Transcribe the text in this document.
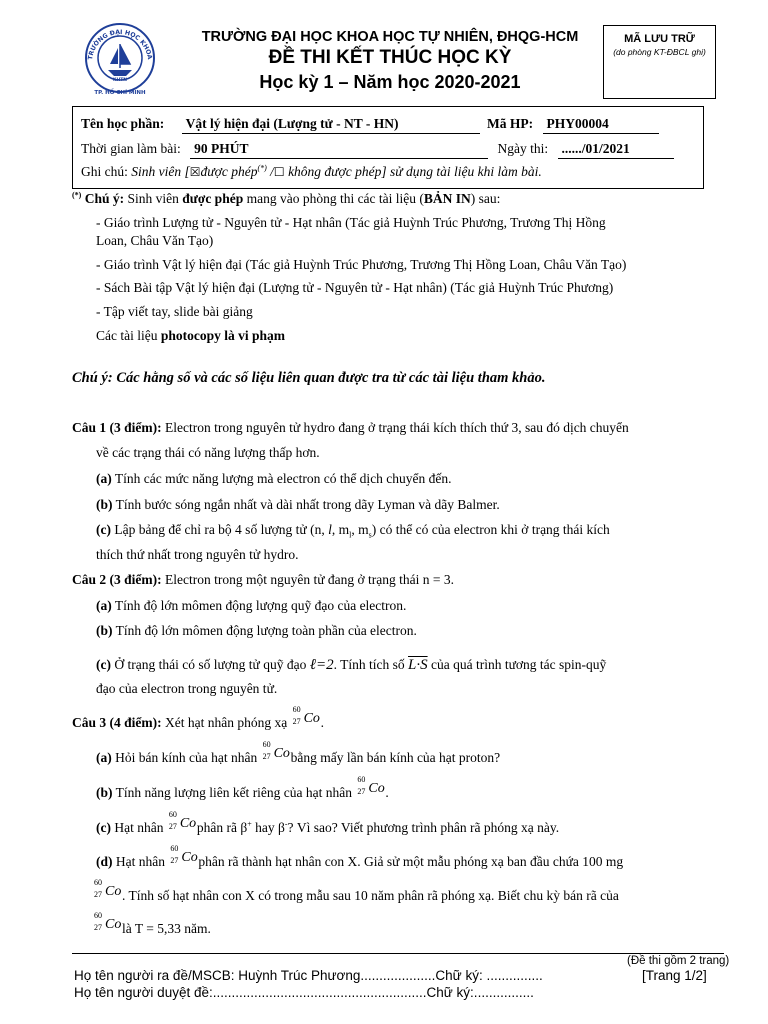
TRƯỜNG ĐẠI HỌC KHOA
TP. HỒ CHÍ MINH
KHTN
TRƯỜNG ĐẠI HỌC KHOA HỌC TỰ NHIÊN, ĐHQG-HCM
ĐỀ THI KẾT THÚC HỌC KỲ
Học kỳ 1 – Năm học 2020-2021
MÃ LƯU TRỮ
(do phòng KT-ĐBCL ghi)
Tên học phần: Vật lý hiện đại (Lượng tử - NT - HN)	Mã HP: PHY00004
Thời gian làm bài: 90 PHÚT	Ngày thi: ....../01/2021
Ghi chú: Sinh viên [☒được phép(*) /☐ không được phép] sử dụng tài liệu khi làm bài.
(*) Chú ý: Sinh viên được phép mang vào phòng thi các tài liệu (BẢN IN) sau:
- Giáo trình Lượng tử - Nguyên tử - Hạt nhân (Tác giả Huỳnh Trúc Phương, Trương Thị Hồng
Loan, Châu Văn Tạo)
- Giáo trình Vật lý hiện đại (Tác giả Huỳnh Trúc Phương, Trương Thị Hồng Loan, Châu Văn Tạo)
- Sách Bài tập Vật lý hiện đại (Lượng tử - Nguyên tử - Hạt nhân) (Tác giả Huỳnh Trúc Phương)
- Tập viết tay, slide bài giảng
Các tài liệu photocopy là vi phạm
Chú ý: Các hằng số và các số liệu liên quan được tra từ các tài liệu tham khảo.
Câu 1 (3 điểm): Electron trong nguyên tử hydro đang ở trạng thái kích thích thứ 3, sau đó dịch chuyển
về các trạng thái có năng lượng thấp hơn.
(a) Tính các mức năng lượng mà electron có thể dịch chuyển đến.
(b) Tính bước sóng ngắn nhất và dài nhất trong dãy Lyman và dãy Balmer.
(c) Lập bảng để chỉ ra bộ 4 số lượng tử (n, l, $m_l$, $m_s$) có thể có của electron khi ở trạng thái kích
thích thứ nhất trong nguyên tử hydro.
Câu 2 (3 điểm): Electron trong một nguyên tử đang ở trạng thái n = 3.
(a) Tính độ lớn mômen động lượng quỹ đạo của electron.
(b) Tính độ lớn mômen động lượng toàn phần của electron.
(c) Ở trạng thái có số lượng tử quỹ đạo ℓ=2. Tính tích số L·S của quá trình tương tác spin-quỹ
đạo của electron trong nguyên tử.
Câu 3 (4 điểm): Xét hạt nhân phóng xạ
60
27 Co .
(a) Hỏi bán kính của hạt nhân
60
27 Co bằng mấy lần bán kính của hạt proton?
(b) Tính năng lượng liên kết riêng của hạt nhân
60
27 Co .
(c) Hạt nhân
60
27 Co phân rã β+ hay β-? Vì sao? Viết phương trình phân rã phóng xạ này.
(d) Hạt nhân
60
27 Co phân rã thành hạt nhân con X. Giả sử một mẫu phóng xạ ban đầu chứa 100 mg
60
27 Co . Tính số hạt nhân con X có trong mẫu sau 10 năm phân rã phóng xạ. Biết chu kỳ bán rã của
60
27 Co là T = 5,33 năm.
(Đề thi gồm 2 trang)
Họ tên người ra đề/MSCB: Huỳnh Trúc Phương....................Chữ ký: ...............	[Trang 1/2]
Họ tên người duyệt đề:.........................................................Chữ ký:................
